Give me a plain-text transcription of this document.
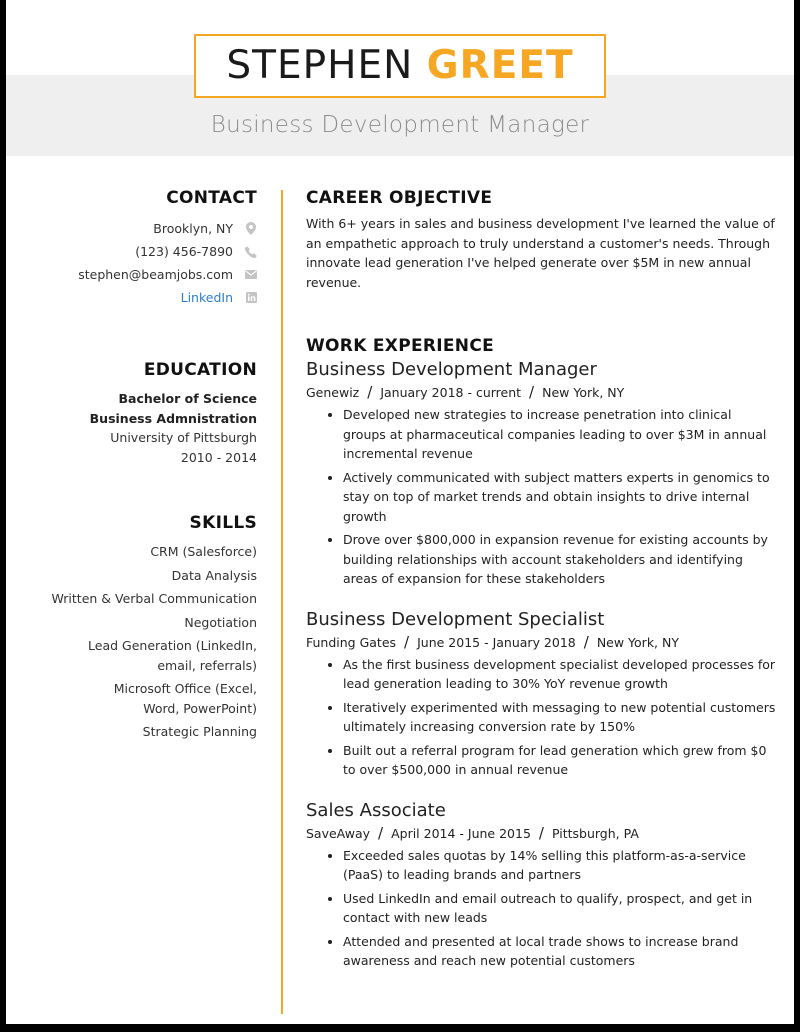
STEPHEN GREET
Business Development Manager
CONTACT
Brooklyn, NY
(123) 456-7890
stephen@beamjobs.com
LinkedIn
EDUCATION
Bachelor of Science
Business Admnistration
University of Pittsburgh
2010 - 2014
SKILLS
CRM (Salesforce)
Data Analysis
Written & Verbal Communication
Negotiation
Lead Generation (LinkedIn, email, referrals)
Microsoft Office (Excel, Word, PowerPoint)
Strategic Planning
CAREER OBJECTIVE

With 6+ years in sales and business development I've learned the value of an empathetic approach to truly understand a customer's needs. Through innovate lead generation I've helped generate over $5M in new annual revenue.

WORK EXPERIENCE
Business Development Manager
Genewiz / January 2018 - current / New York, NY
• Developed new strategies to increase penetration into clinical groups at pharmaceutical companies leading to over $3M in annual incremental revenue
• Actively communicated with subject matters experts in genomics to stay on top of market trends and obtain insights to drive internal growth
• Drove over $800,000 in expansion revenue for existing accounts by building relationships with account stakeholders and identifying areas of expansion for these stakeholders
Business Development Specialist
Funding Gates / June 2015 - January 2018 / New York, NY
• As the first business development specialist developed processes for lead generation leading to 30% YoY revenue growth
• Iteratively experimented with messaging to new potential customers ultimately increasing conversion rate by 150%
• Built out a referral program for lead generation which grew from $0 to over $500,000 in annual revenue
Sales Associate
SaveAway / April 2014 - June 2015 / Pittsburgh, PA
• Exceeded sales quotas by 14% selling this platform-as-a-service (PaaS) to leading brands and partners
• Used LinkedIn and email outreach to qualify, prospect, and get in contact with new leads
• Attended and presented at local trade shows to increase brand awareness and reach new potential customers
